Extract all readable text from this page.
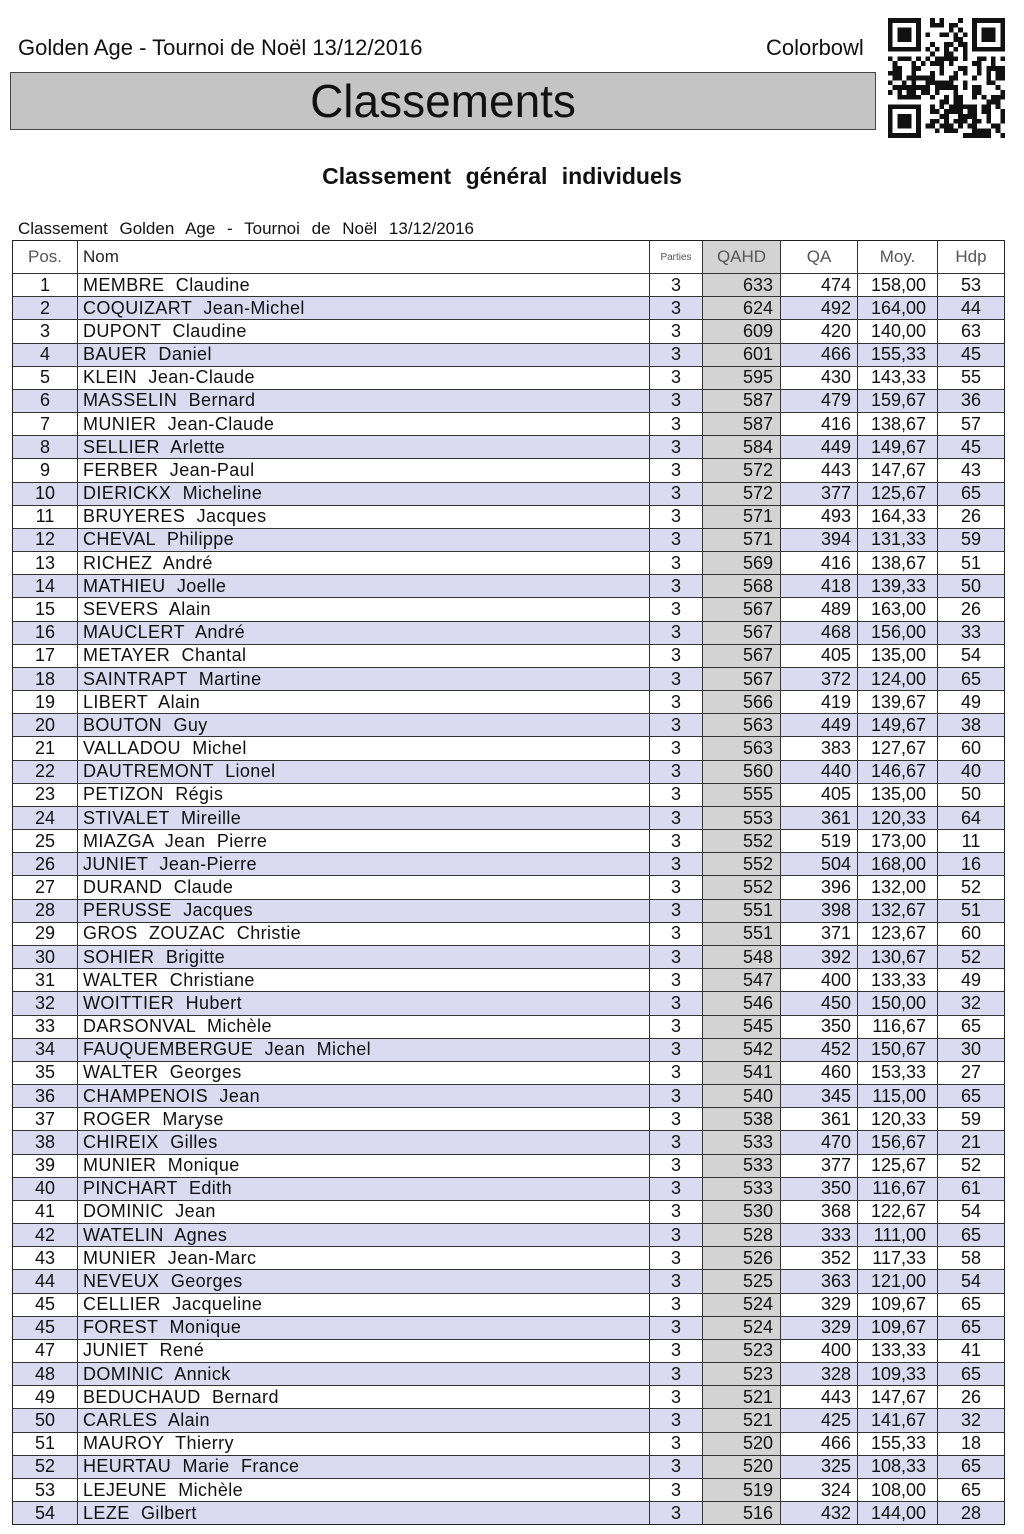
Golden Age - Tournoi de Noël 13/12/2016	Colorbowl
Classements
Classement général individuels
Classement Golden Age - Tournoi de Noël 13/12/2016
Pos.	Nom	Parties	QAHD	QA	Moy.	Hdp
1	MEMBRE Claudine	3	633	474	158,00	53
2	COQUIZART Jean-Michel	3	624	492	164,00	44
3	DUPONT Claudine	3	609	420	140,00	63
4	BAUER Daniel	3	601	466	155,33	45
5	KLEIN Jean-Claude	3	595	430	143,33	55
6	MASSELIN Bernard	3	587	479	159,67	36
7	MUNIER Jean-Claude	3	587	416	138,67	57
8	SELLIER Arlette	3	584	449	149,67	45
9	FERBER Jean-Paul	3	572	443	147,67	43
10	DIERICKX Micheline	3	572	377	125,67	65
11	BRUYERES Jacques	3	571	493	164,33	26
12	CHEVAL Philippe	3	571	394	131,33	59
13	RICHEZ André	3	569	416	138,67	51
14	MATHIEU Joelle	3	568	418	139,33	50
15	SEVERS Alain	3	567	489	163,00	26
16	MAUCLERT André	3	567	468	156,00	33
17	METAYER Chantal	3	567	405	135,00	54
18	SAINTRAPT Martine	3	567	372	124,00	65
19	LIBERT Alain	3	566	419	139,67	49
20	BOUTON Guy	3	563	449	149,67	38
21	VALLADOU Michel	3	563	383	127,67	60
22	DAUTREMONT Lionel	3	560	440	146,67	40
23	PETIZON Régis	3	555	405	135,00	50
24	STIVALET Mireille	3	553	361	120,33	64
25	MIAZGA Jean Pierre	3	552	519	173,00	11
26	JUNIET Jean-Pierre	3	552	504	168,00	16
27	DURAND Claude	3	552	396	132,00	52
28	PERUSSE Jacques	3	551	398	132,67	51
29	GROS ZOUZAC Christie	3	551	371	123,67	60
30	SOHIER Brigitte	3	548	392	130,67	52
31	WALTER Christiane	3	547	400	133,33	49
32	WOITTIER Hubert	3	546	450	150,00	32
33	DARSONVAL Michèle	3	545	350	116,67	65
34	FAUQUEMBERGUE Jean Michel	3	542	452	150,67	30
35	WALTER Georges	3	541	460	153,33	27
36	CHAMPENOIS Jean	3	540	345	115,00	65
37	ROGER Maryse	3	538	361	120,33	59
38	CHIREIX Gilles	3	533	470	156,67	21
39	MUNIER Monique	3	533	377	125,67	52
40	PINCHART Edith	3	533	350	116,67	61
41	DOMINIC Jean	3	530	368	122,67	54
42	WATELIN Agnes	3	528	333	111,00	65
43	MUNIER Jean-Marc	3	526	352	117,33	58
44	NEVEUX Georges	3	525	363	121,00	54
45	CELLIER Jacqueline	3	524	329	109,67	65
45	FOREST Monique	3	524	329	109,67	65
47	JUNIET René	3	523	400	133,33	41
48	DOMINIC Annick	3	523	328	109,33	65
49	BEDUCHAUD Bernard	3	521	443	147,67	26
50	CARLES Alain	3	521	425	141,67	32
51	MAUROY Thierry	3	520	466	155,33	18
52	HEURTAU Marie France	3	520	325	108,33	65
53	LEJEUNE Michèle	3	519	324	108,00	65
54	LEZE Gilbert	3	516	432	144,00	28
